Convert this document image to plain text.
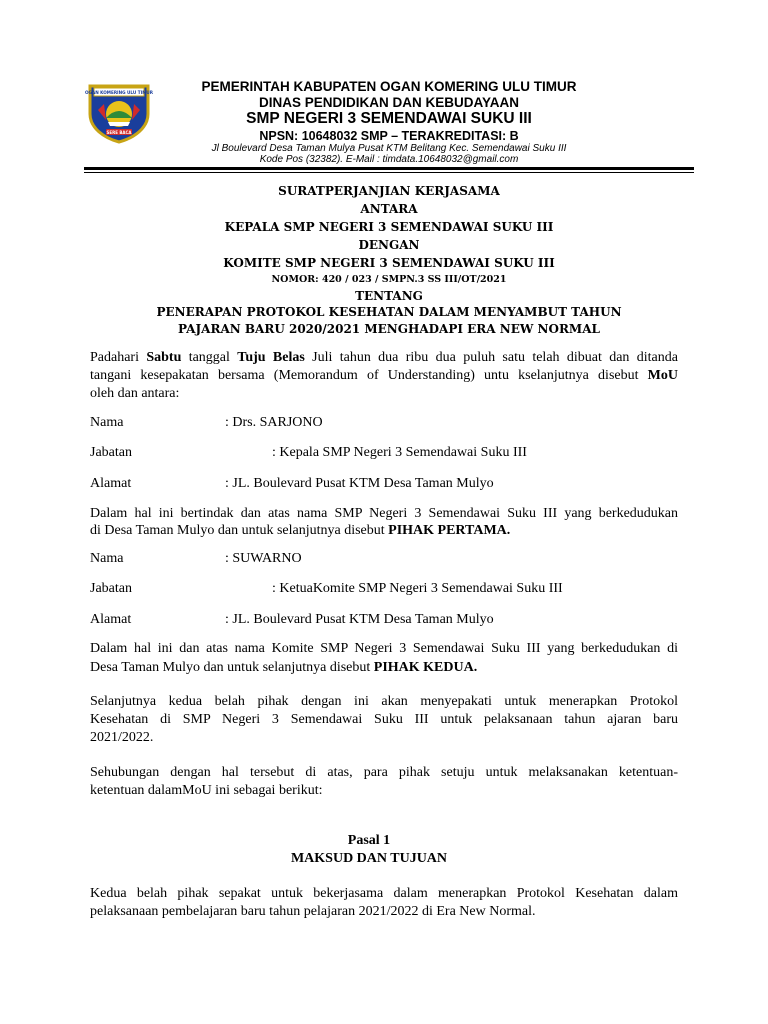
OGAN KOMERING ULU TIMUR
SERE BACA
PEMERINTAH KABUPATEN OGAN KOMERING ULU TIMUR
DINAS PENDIDIKAN DAN KEBUDAYAAN
SMP NEGERI 3 SEMENDAWAI SUKU III
NPSN: 10648032 SMP – TERAKREDITASI: B
Jl Boulevard Desa Taman Mulya Pusat KTM Belitang Kec. Semendawai Suku III
Kode Pos (32382). E-Mail : timdata.10648032@gmail.com
SURATPERJANJIAN KERJASAMA
ANTARA
KEPALA SMP NEGERI 3 SEMENDAWAI SUKU III
DENGAN
KOMITE SMP NEGERI 3 SEMENDAWAI SUKU III
NOMOR: 420 / 023 / SMPN.3 SS III/OT/2021
TENTANG
PENERAPAN PROTOKOL KESEHATAN DALAM MENYAMBUT TAHUN
PAJARAN BARU 2020/2021 MENGHADAPI ERA NEW NORMAL
Padahari Sabtu tanggal Tuju Belas Juli tahun dua ribu dua puluh satu telah dibuat dan ditanda
tangani kesepakatan bersama (Memorandum of Understanding) untu kselanjutnya disebut MoU
oleh dan antara:
Nama	: Drs. SARJONO
Jabatan	: Kepala SMP Negeri 3 Semendawai Suku III
Alamat	: JL. Boulevard Pusat KTM Desa Taman Mulyo
Dalam hal ini bertindak dan atas nama SMP Negeri 3 Semendawai Suku III yang berkedudukan
di Desa Taman Mulyo dan untuk selanjutnya disebut PIHAK PERTAMA.
Nama	: SUWARNO
Jabatan	: KetuaKomite SMP Negeri 3 Semendawai Suku III
Alamat	: JL. Boulevard Pusat KTM Desa Taman Mulyo
Dalam hal ini dan atas nama Komite SMP Negeri 3 Semendawai Suku III yang berkedudukan di
Desa Taman Mulyo dan untuk selanjutnya disebut PIHAK KEDUA.
Selanjutnya kedua belah pihak dengan ini akan menyepakati untuk menerapkan Protokol
Kesehatan di SMP Negeri 3 Semendawai Suku III untuk pelaksanaan tahun ajaran baru
2021/2022.
Sehubungan dengan hal tersebut di atas, para pihak setuju untuk melaksanakan ketentuan-
ketentuan dalamMoU ini sebagai berikut:
Pasal 1
MAKSUD DAN TUJUAN
Kedua belah pihak sepakat untuk bekerjasama dalam menerapkan Protokol Kesehatan dalam
pelaksanaan pembelajaran baru tahun pelajaran 2021/2022 di Era New Normal.
